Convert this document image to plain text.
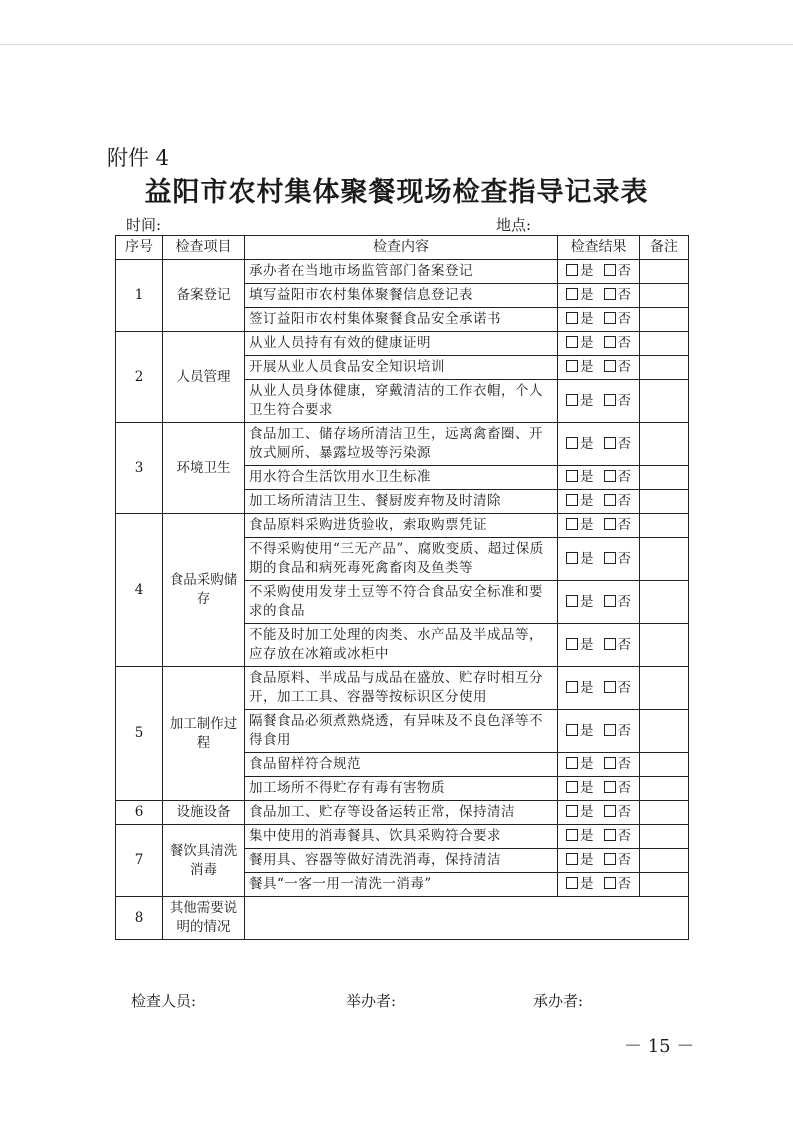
附件 4
益阳市农村集体聚餐现场检查指导记录表
时间:	地点:
序号	检查项目	检查内容	检查结果	备注
1	备案登记	承办者在当地市场监管部门备案登记	是 否	
		填写益阳市农村集体聚餐信息登记表	是 否	
		签订益阳市农村集体聚餐食品安全承诺书	是 否	
2	人员管理	从业人员持有有效的健康证明	是 否	
		开展从业人员食品安全知识培训	是 否	
		从业人员身体健康，穿戴清洁的工作衣帽，个人卫生符合要求	是 否	
3	环境卫生	食品加工、储存场所清洁卫生，远离禽畜圈、开放式厕所、暴露垃圾等污染源	是 否	
		用水符合生活饮用水卫生标准	是 否	
		加工场所清洁卫生、餐厨废弃物及时清除	是 否	
4	食品采购储存	食品原料采购进货验收，索取购票凭证	是 否	
		不得采购使用“三无产品”、腐败变质、超过保质期的食品和病死毒死禽畜肉及鱼类等	是 否	
		不采购使用发芽土豆等不符合食品安全标准和要求的食品	是 否	
		不能及时加工处理的肉类、水产品及半成品等，应存放在冰箱或冰柜中	是 否	
5	加工制作过程	食品原料、半成品与成品在盛放、贮存时相互分开，加工工具、容器等按标识区分使用	是 否	
		隔餐食品必须煮熟烧透，有异味及不良色泽等不得食用	是 否	
		食品留样符合规范	是 否	
		加工场所不得贮存有毒有害物质	是 否	
6	设施设备	食品加工、贮存等设备运转正常，保持清洁	是 否	
7	餐饮具清洗消毒	集中使用的消毒餐具、饮具采购符合要求	是 否	
		餐用具、容器等做好清洗消毒，保持清洁	是 否	
		餐具“一客一用一清洗一消毒”	是 否	
8	其他需要说明的情况			
检查人员:	举办者:	承办者:
－ 15 －
